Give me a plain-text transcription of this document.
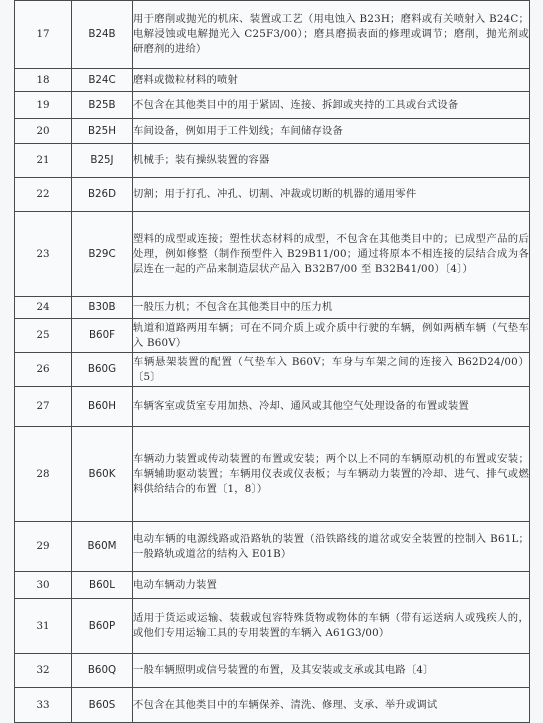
17	B24B	用于磨削或抛光的机床、装置或工艺（用电蚀入 B23H；磨料或有关喷射入 B24C；电解浸蚀或电解抛光入 C25F3/00）；磨具磨损表面的修理或调节；磨削，抛光剂或研磨剂的进给）

18	B24C	磨料或微粒材料的喷射

19	B25B	不包含在其他类目中的用于紧固、连接、拆卸或夹持的工具或台式设备

20	B25H	车间设备，例如用于工件划线；车间储存设备

21	B25J	机械手；装有操纵装置的容器

22	B26D	切割；用于打孔、冲孔、切割、冲裁或切断的机器的通用零件

23	B29C	塑料的成型或连接；塑性状态材料的成型，不包含在其他类目中的；已成型产品的后处理，例如修整（制作预型件入 B29B11/00；通过将原本不相连接的层结合成为各层连在一起的产品来制造层状产品入 B32B7/00 至 B32B41/00）〔4〕）

24	B30B	一般压力机；不包含在其他类目中的压力机

25	B60F	轨道和道路两用车辆；可在不同介质上或介质中行驶的车辆，例如两栖车辆（气垫车入 B60V）

26	B60G	车辆悬架装置的配置（气垫车入 B60V；车身与车架之间的连接入 B62D24/00）〔5〕

27	B60H	车辆客室或货室专用加热、冷却、通风或其他空气处理设备的布置或装置

28	B60K	车辆动力装置或传动装置的布置或安装；两个以上不同的车辆原动机的布置或安装；车辆辅助驱动装置；车辆用仪表或仪表板；与车辆动力装置的冷却、进气、排气或燃料供给结合的布置〔1，8〕）

29	B60M	电动车辆的电源线路或沿路轨的装置（沿铁路线的道岔或安全装置的控制入 B61L；一般路轨或道岔的结构入 E01B）

30	B60L	电动车辆动力装置

31	B60P	适用于货运或运输、装载或包容特殊货物或物体的车辆（带有运送病人或残疾人的，或他们专用运输工具的专用装置的车辆入 A61G3/00）

32	B60Q	一般车辆照明或信号装置的布置，及其安装或支承或其电路〔4〕

33	B60S	不包含在其他类目中的车辆保养、清洗、修理、支承、举升或调试
